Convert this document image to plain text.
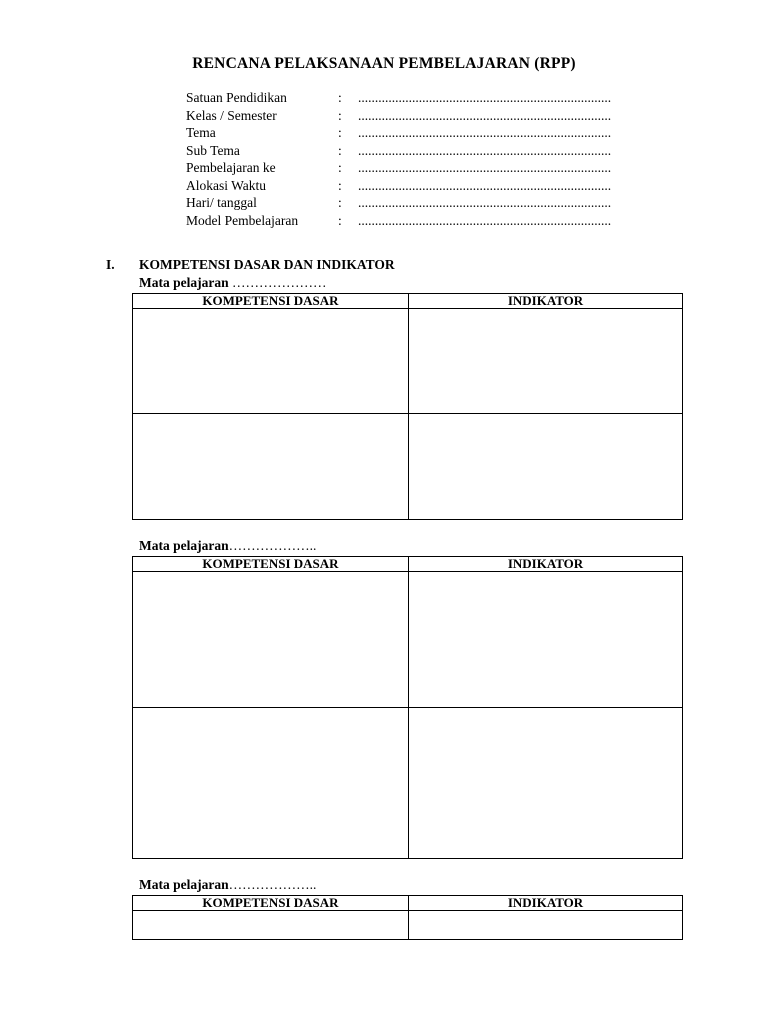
RENCANA PELAKSANAAN PEMBELAJARAN (RPP)
Satuan Pendidikan	: ...........................................................................
Kelas / Semester	: ...........................................................................
Tema	: ...........................................................................
Sub Tema	: ...........................................................................
Pembelajaran ke	: ...........................................................................
Alokasi Waktu	: ...........................................................................
Hari/ tanggal	: ...........................................................................
Model Pembelajaran	: ...........................................................................
I. KOMPETENSI DASAR DAN INDIKATOR
Mata pelajaran …………………
KOMPETENSI DASAR	INDIKATOR

Mata pelajaran………………..
KOMPETENSI DASAR	INDIKATOR

Mata pelajaran………………..
KOMPETENSI DASAR	INDIKATOR
